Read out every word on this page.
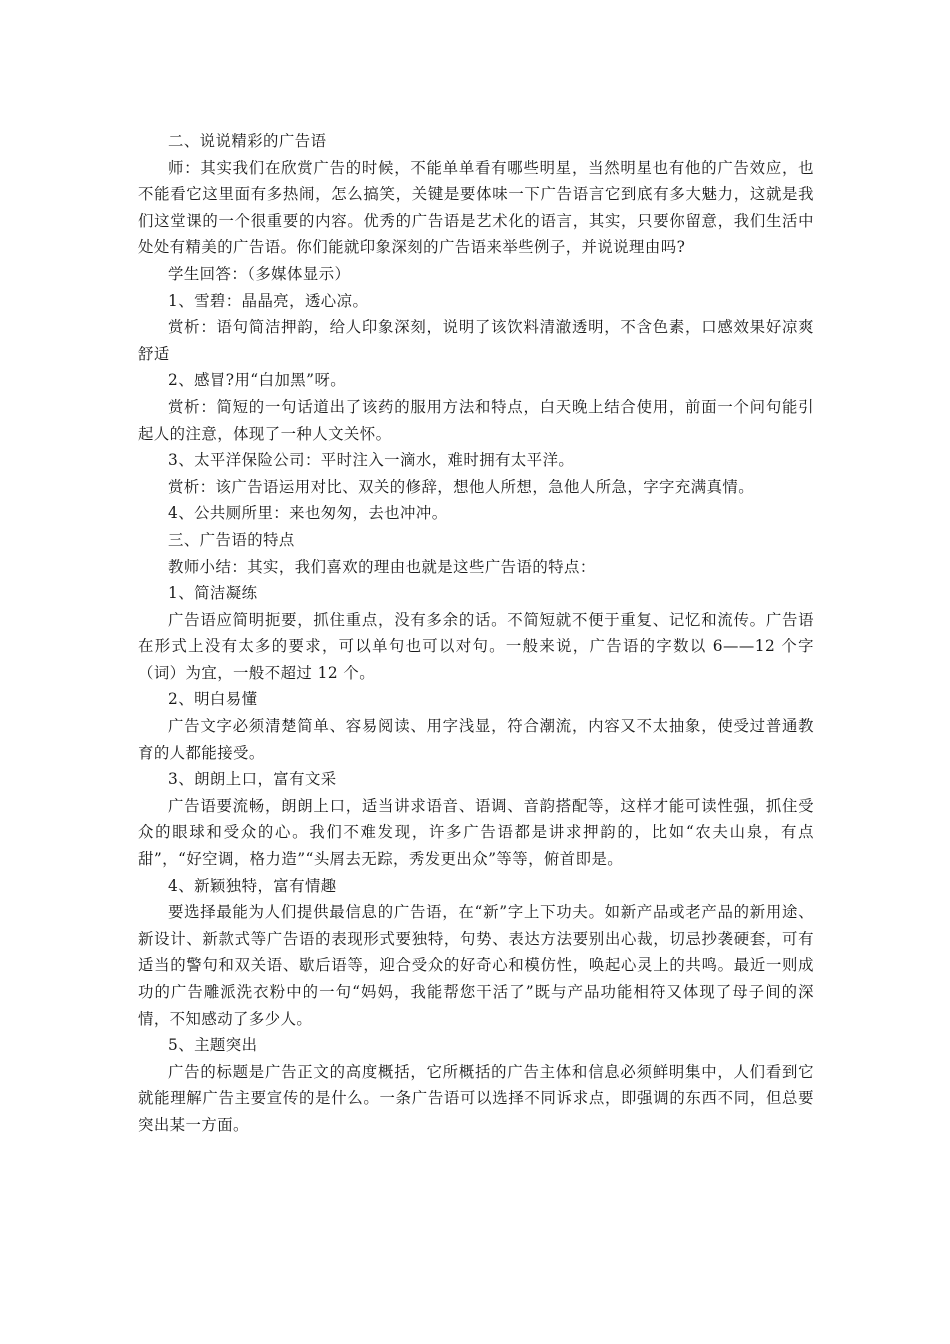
二、说说精彩的广告语

师：其实我们在欣赏广告的时候，不能单单看有哪些明星，当然明星也有他的广告效应，也不能看它这里面有多热闹，怎么搞笑，关键是要体味一下广告语言它到底有多大魅力，这就是我们这堂课的一个很重要的内容。优秀的广告语是艺术化的语言，其实，只要你留意，我们生活中处处有精美的广告语。你们能就印象深刻的广告语来举些例子，并说说理由吗?

学生回答：（多媒体显示）

1、雪碧：晶晶亮，透心凉。

赏析：语句简洁押韵，给人印象深刻，说明了该饮料清澈透明，不含色素，口感效果好凉爽舒适

2、感冒?用“白加黑”呀。

赏析：简短的一句话道出了该药的服用方法和特点，白天晚上结合使用，前面一个问句能引起人的注意，体现了一种人文关怀。

3、太平洋保险公司：平时注入一滴水，难时拥有太平洋。

赏析：该广告语运用对比、双关的修辞，想他人所想，急他人所急，字字充满真情。

4、公共厕所里：来也匆匆，去也冲冲。

三、广告语的特点

教师小结：其实，我们喜欢的理由也就是这些广告语的特点：

1、简洁凝练

广告语应简明扼要，抓住重点，没有多余的话。不简短就不便于重复、记忆和流传。广告语在形式上没有太多的要求，可以单句也可以对句。一般来说，广告语的字数以 6——12 个字（词）为宜，一般不超过 12 个。

2、明白易懂

广告文字必须清楚简单、容易阅读、用字浅显，符合潮流，内容又不太抽象，使受过普通教育的人都能接受。

3、朗朗上口，富有文采

广告语要流畅，朗朗上口，适当讲求语音、语调、音韵搭配等，这样才能可读性强，抓住受众的眼球和受众的心。我们不难发现，许多广告语都是讲求押韵的，比如“农夫山泉，有点甜”，“好空调，格力造”“头屑去无踪，秀发更出众”等等，俯首即是。

4、新颖独特，富有情趣

要选择最能为人们提供最信息的广告语，在“新”字上下功夫。如新产品或老产品的新用途、新设计、新款式等广告语的表现形式要独特，句势、表达方法要别出心裁，切忌抄袭硬套，可有适当的警句和双关语、歇后语等，迎合受众的好奇心和模仿性，唤起心灵上的共鸣。最近一则成功的广告雕派洗衣粉中的一句“妈妈，我能帮您干活了”既与产品功能相符又体现了母子间的深情，不知感动了多少人。

5、主题突出

广告的标题是广告正文的高度概括，它所概括的广告主体和信息必须鲜明集中，人们看到它就能理解广告主要宣传的是什么。一条广告语可以选择不同诉求点，即强调的东西不同，但总要突出某一方面。
